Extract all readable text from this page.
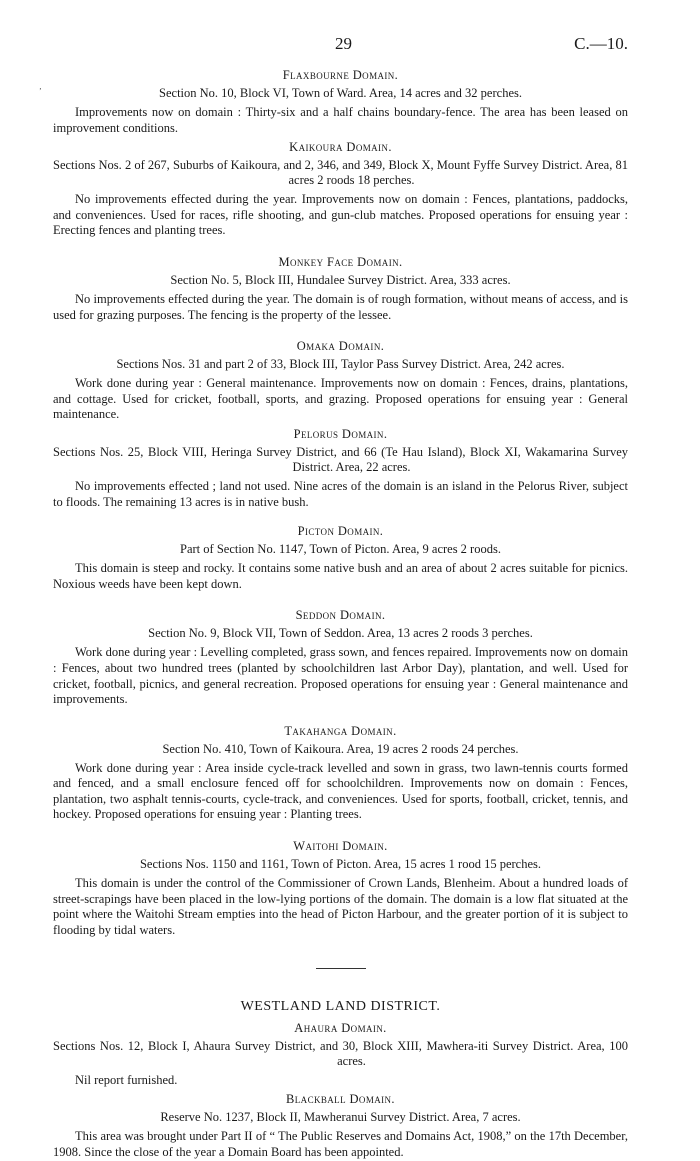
29	C.—10.
‚
Flaxbourne Domain.
Section No. 10, Block VI, Town of Ward. Area, 14 acres and 32 perches.

Improvements now on domain : Thirty-six and a half chains boundary-fence. The area has been leased on improvement conditions.

Kaikoura Domain.
Sections Nos. 2 of 267, Suburbs of Kaikoura, and 2, 346, and 349, Block X, Mount Fyffe Survey District. Area, 81 acres 2 roods 18 perches.

No improvements effected during the year. Improvements now on domain : Fences, plantations, paddocks, and conveniences. Used for races, rifle shooting, and gun-club matches. Proposed operations for ensuing year : Erecting fences and planting trees.

Monkey Face Domain.
Section No. 5, Block III, Hundalee Survey District. Area, 333 acres.

No improvements effected during the year. The domain is of rough formation, without means of access, and is used for grazing purposes. The fencing is the property of the lessee.

Omaka Domain.
Sections Nos. 31 and part 2 of 33, Block III, Taylor Pass Survey District. Area, 242 acres.

Work done during year : General maintenance. Improvements now on domain : Fences, drains, plantations, and cottage. Used for cricket, football, sports, and grazing. Proposed operations for ensuing year : General maintenance.

Pelorus Domain.
Sections Nos. 25, Block VIII, Heringa Survey District, and 66 (Te Hau Island), Block XI, Wakamarina Survey District. Area, 22 acres.

No improvements effected ; land not used. Nine acres of the domain is an island in the Pelorus River, subject to floods. The remaining 13 acres is in native bush.

Picton Domain.
Part of Section No. 1147, Town of Picton. Area, 9 acres 2 roods.

This domain is steep and rocky. It contains some native bush and an area of about 2 acres suitable for picnics. Noxious weeds have been kept down.

Seddon Domain.
Section No. 9, Block VII, Town of Seddon. Area, 13 acres 2 roods 3 perches.

Work done during year : Levelling completed, grass sown, and fences repaired. Improvements now on domain : Fences, about two hundred trees (planted by schoolchildren last Arbor Day), plantation, and well. Used for cricket, football, picnics, and general recreation. Proposed operations for ensuing year : General maintenance and improvements.

Takahanga Domain.
Section No. 410, Town of Kaikoura. Area, 19 acres 2 roods 24 perches.

Work done during year : Area inside cycle-track levelled and sown in grass, two lawn-tennis courts formed and fenced, and a small enclosure fenced off for schoolchildren. Improvements now on domain : Fences, plantation, two asphalt tennis-courts, cycle-track, and conveniences. Used for sports, football, cricket, tennis, and hockey. Proposed operations for ensuing year : Planting trees.

Waitohi Domain.
Sections Nos. 1150 and 1161, Town of Picton. Area, 15 acres 1 rood 15 perches.

This domain is under the control of the Commissioner of Crown Lands, Blenheim. About a hundred loads of street-scrapings have been placed in the low-lying portions of the domain. The domain is a low flat situated at the point where the Waitohi Stream empties into the head of Picton Harbour, and the greater portion of it is subject to flooding by tidal waters.

WESTLAND LAND DISTRICT.
Ahaura Domain.
Sections Nos. 12, Block I, Ahaura Survey District, and 30, Block XIII, Mawhera-iti Survey District. Area, 100 acres.

Nil report furnished.

Blackball Domain.
Reserve No. 1237, Block II, Mawheranui Survey District. Area, 7 acres.

This area was brought under Part II of “ The Public Reserves and Domains Act, 1908,” on the 17th December, 1908. Since the close of the year a Domain Board has been appointed.
